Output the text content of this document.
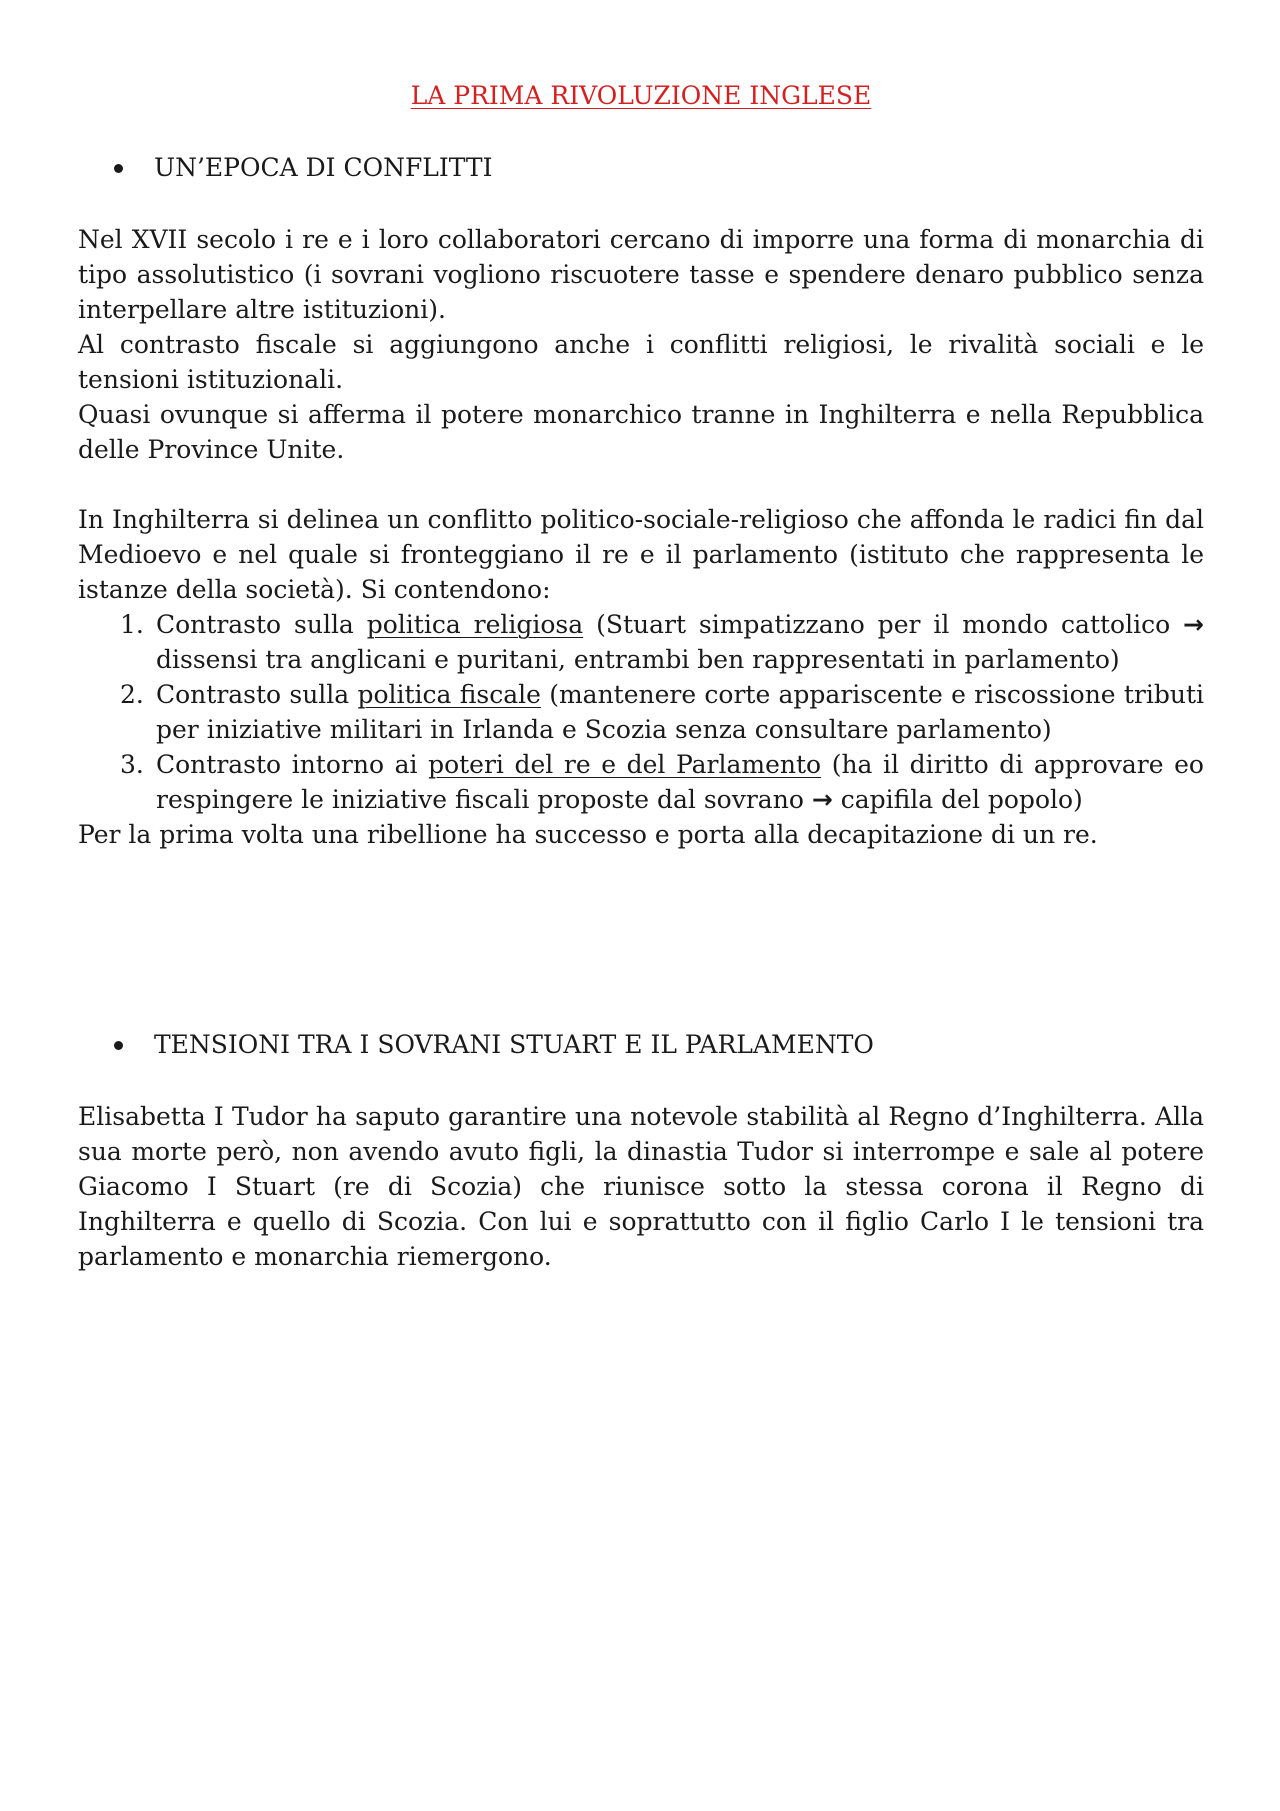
LA PRIMA RIVOLUZIONE INGLESE
UN’EPOCA DI CONFLITTI

Nel XVII secolo i re e i loro collaboratori cercano di imporre una forma di monarchia di tipo assolutistico (i sovrani vogliono riscuotere tasse e spendere denaro pubblico senza interpellare altre istituzioni).

Al contrasto fiscale si aggiungono anche i conflitti religiosi, le rivalità sociali e le tensioni istituzionali.

Quasi ovunque si afferma il potere monarchico tranne in Inghilterra e nella Repubblica delle Province Unite.

In Inghilterra si delinea un conflitto politico-sociale-religioso che affonda le radici fin dal Medioevo e nel quale si fronteggiano il re e il parlamento (istituto che rappresenta le istanze della società). Si contendono:

1. Contrasto sulla politica religiosa (Stuart simpatizzano per il mondo cattolico → dissensi tra anglicani e puritani, entrambi ben rappresentati in parlamento)
2. Contrasto sulla politica fiscale (mantenere corte appariscente e riscossione tributi per iniziative militari in Irlanda e Scozia senza consultare parlamento)
3. Contrasto intorno ai poteri del re e del Parlamento (ha il diritto di approvare eo respingere le iniziative fiscali proposte dal sovrano → capifila del popolo)

Per la prima volta una ribellione ha successo e porta alla decapitazione di un re.

TENSIONI TRA I SOVRANI STUART E IL PARLAMENTO

Elisabetta I Tudor ha saputo garantire una notevole stabilità al Regno d’Inghilterra. Alla sua morte però, non avendo avuto figli, la dinastia Tudor si interrompe e sale al potere Giacomo I Stuart (re di Scozia) che riunisce sotto la stessa corona il Regno di Inghilterra e quello di Scozia. Con lui e soprattutto con il figlio Carlo I le tensioni tra parlamento e monarchia riemergono.
